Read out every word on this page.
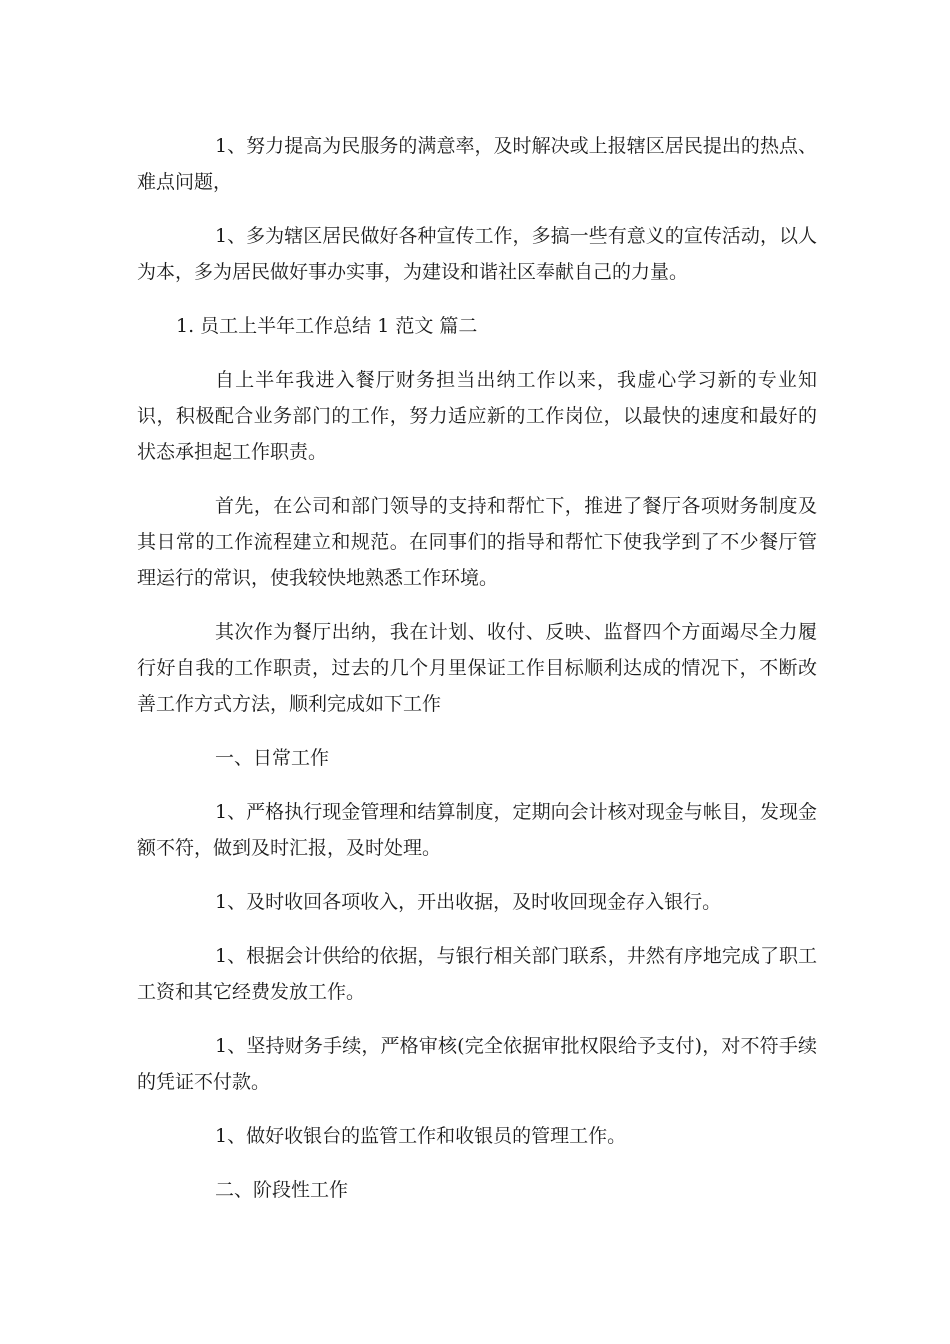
1、努力提高为民服务的满意率，及时解决或上报辖区居民提出的热点、难点问题，

1、多为辖区居民做好各种宣传工作，多搞一些有意义的宣传活动，以人为本，多为居民做好事办实事，为建设和谐社区奉献自己的力量。

1. 员工上半年工作总结 1 范文 篇二

自上半年我进入餐厅财务担当出纳工作以来，我虚心学习新的专业知识，积极配合业务部门的工作，努力适应新的工作岗位，以最快的速度和最好的状态承担起工作职责。

首先，在公司和部门领导的支持和帮忙下，推进了餐厅各项财务制度及其日常的工作流程建立和规范。在同事们的指导和帮忙下使我学到了不少餐厅管理运行的常识，使我较快地熟悉工作环境。

其次作为餐厅出纳，我在计划、收付、反映、监督四个方面竭尽全力履行好自我的工作职责，过去的几个月里保证工作目标顺利达成的情况下，不断改善工作方式方法，顺利完成如下工作

一、日常工作

1、严格执行现金管理和结算制度，定期向会计核对现金与帐目，发现金额不符，做到及时汇报，及时处理。

1、及时收回各项收入，开出收据，及时收回现金存入银行。

1、根据会计供给的依据，与银行相关部门联系，井然有序地完成了职工工资和其它经费发放工作。

1、坚持财务手续，严格审核(完全依据审批权限给予支付)，对不符手续的凭证不付款。

1、做好收银台的监管工作和收银员的管理工作。

二、阶段性工作
